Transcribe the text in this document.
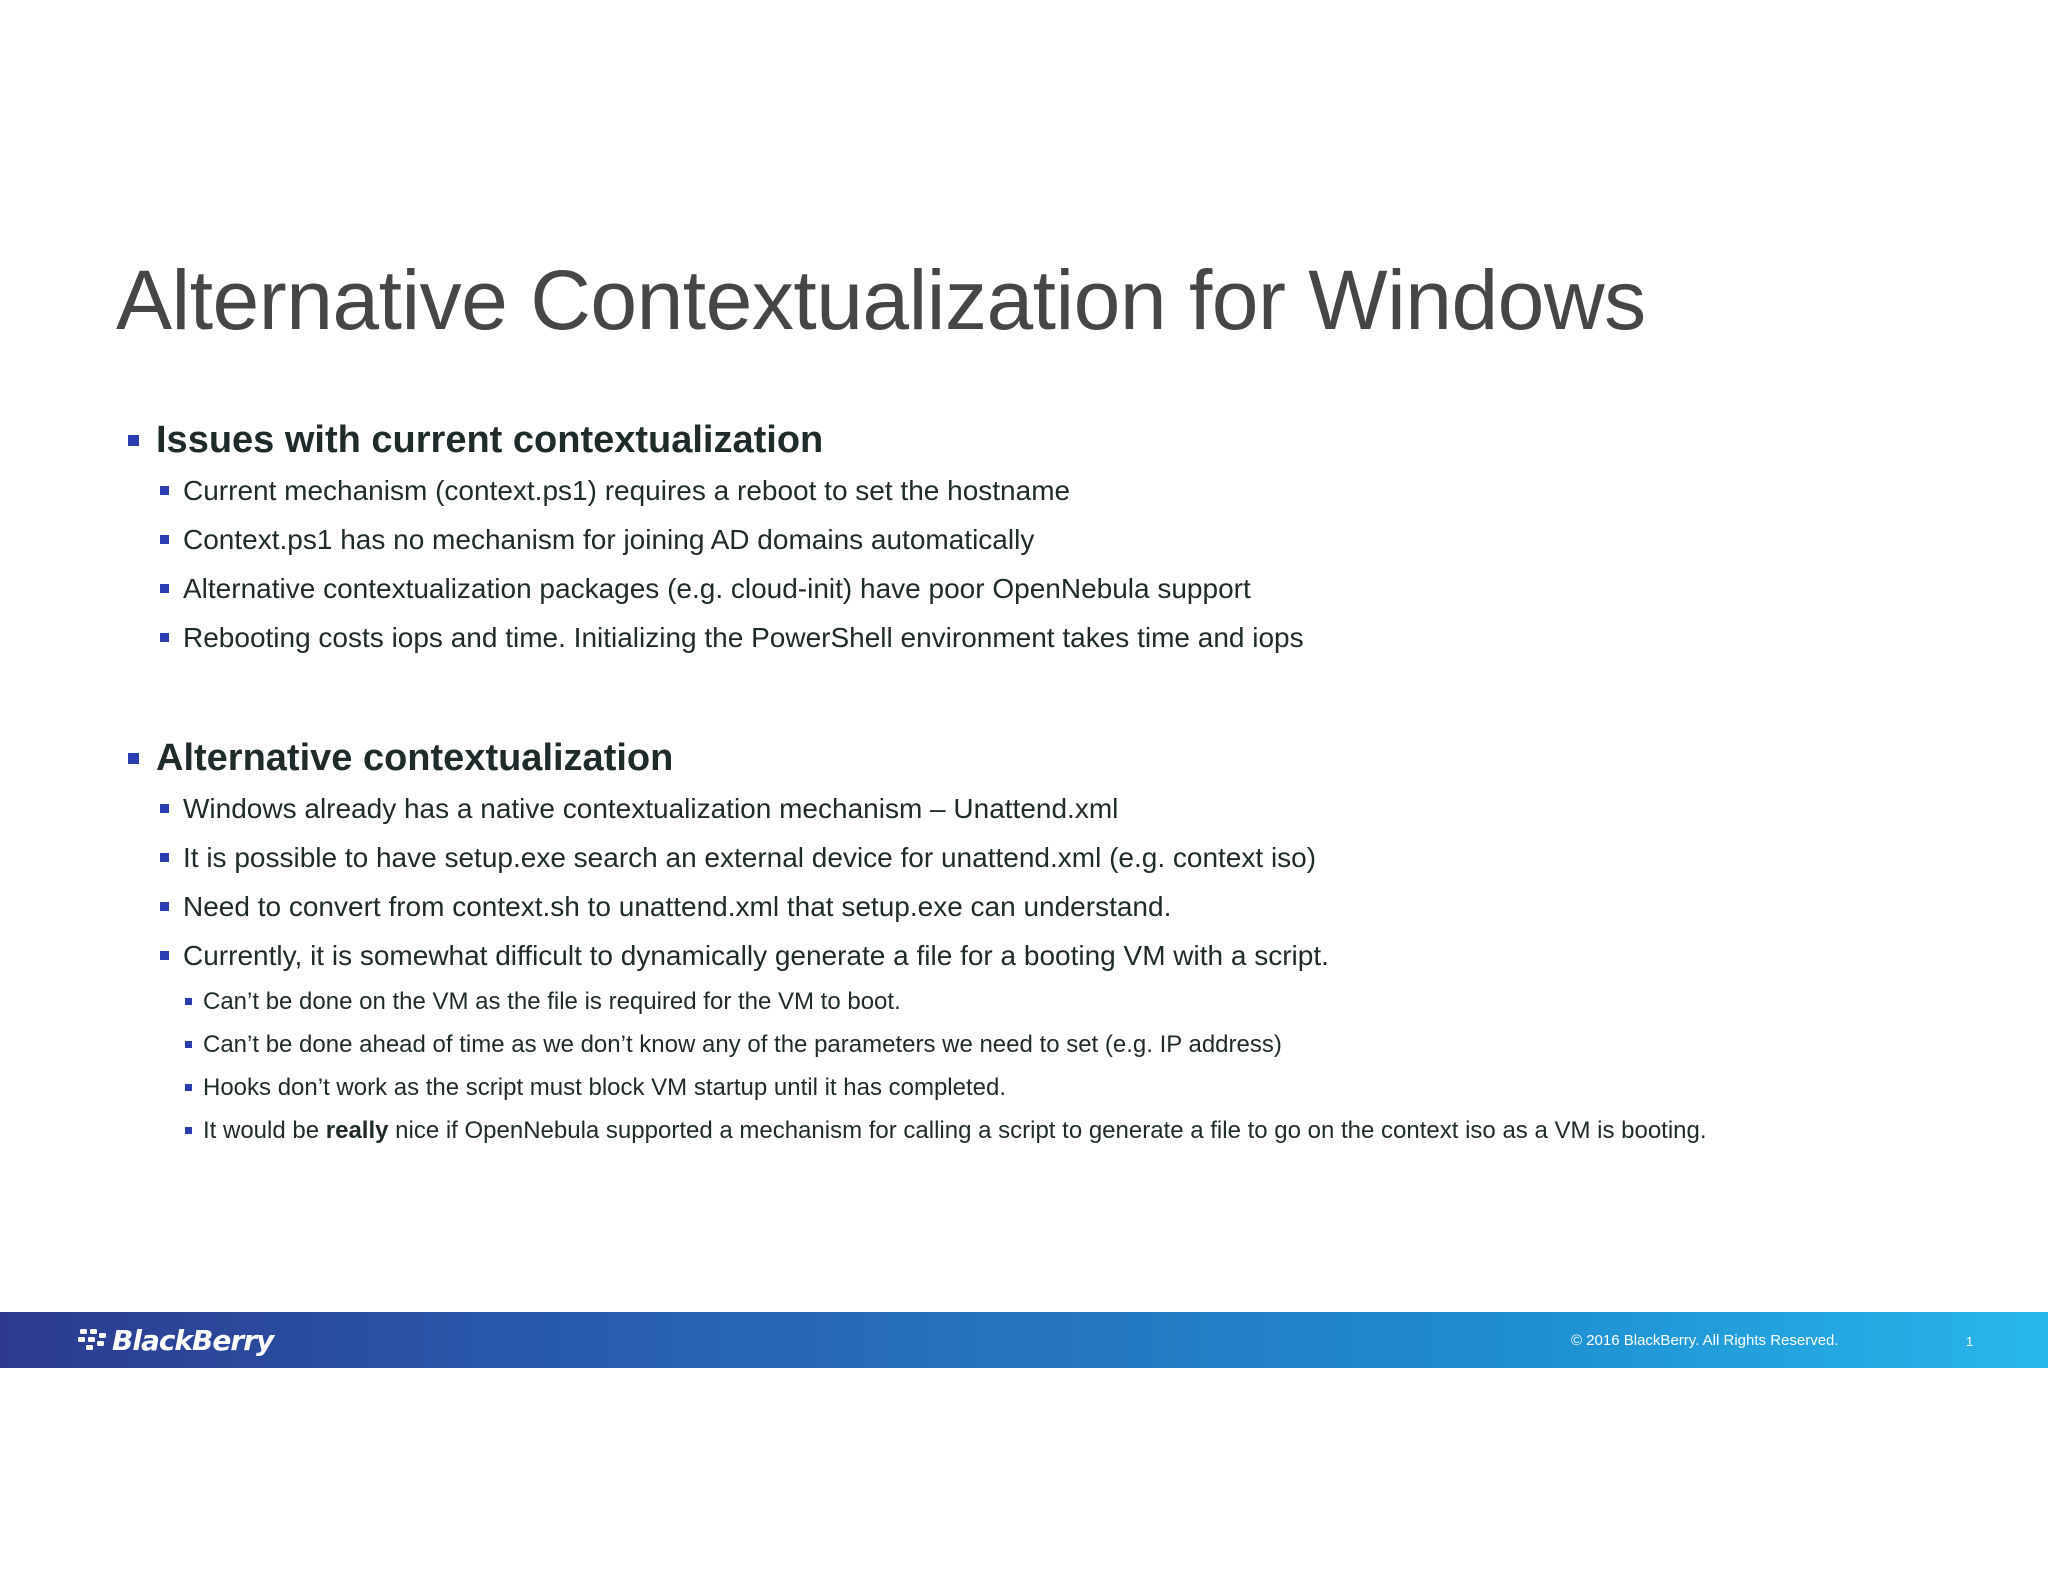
Alternative Contextualization for Windows
Issues with current contextualization
Current mechanism (context.ps1) requires a reboot to set the hostname
Context.ps1 has no mechanism for joining AD domains automatically
Alternative contextualization packages (e.g. cloud-init) have poor OpenNebula support
Rebooting costs iops and time. Initializing the PowerShell environment takes time and iops
Alternative contextualization
Windows already has a native contextualization mechanism – Unattend.xml
It is possible to have setup.exe search an external device for unattend.xml (e.g. context iso)
Need to convert from context.sh to unattend.xml that setup.exe can understand.
Currently, it is somewhat difficult to dynamically generate a file for a booting VM with a script.
Can’t be done on the VM as the file is required for the VM to boot.
Can’t be done ahead of time as we don’t know any of the parameters we need to set (e.g. IP address)
Hooks don’t work as the script must block VM startup until it has completed.
It would be really nice if OpenNebula supported a mechanism for calling a script to generate a file to go on the context iso as a VM is booting.
BlackBerry	© 2016 BlackBerry. All Rights Reserved.	1
